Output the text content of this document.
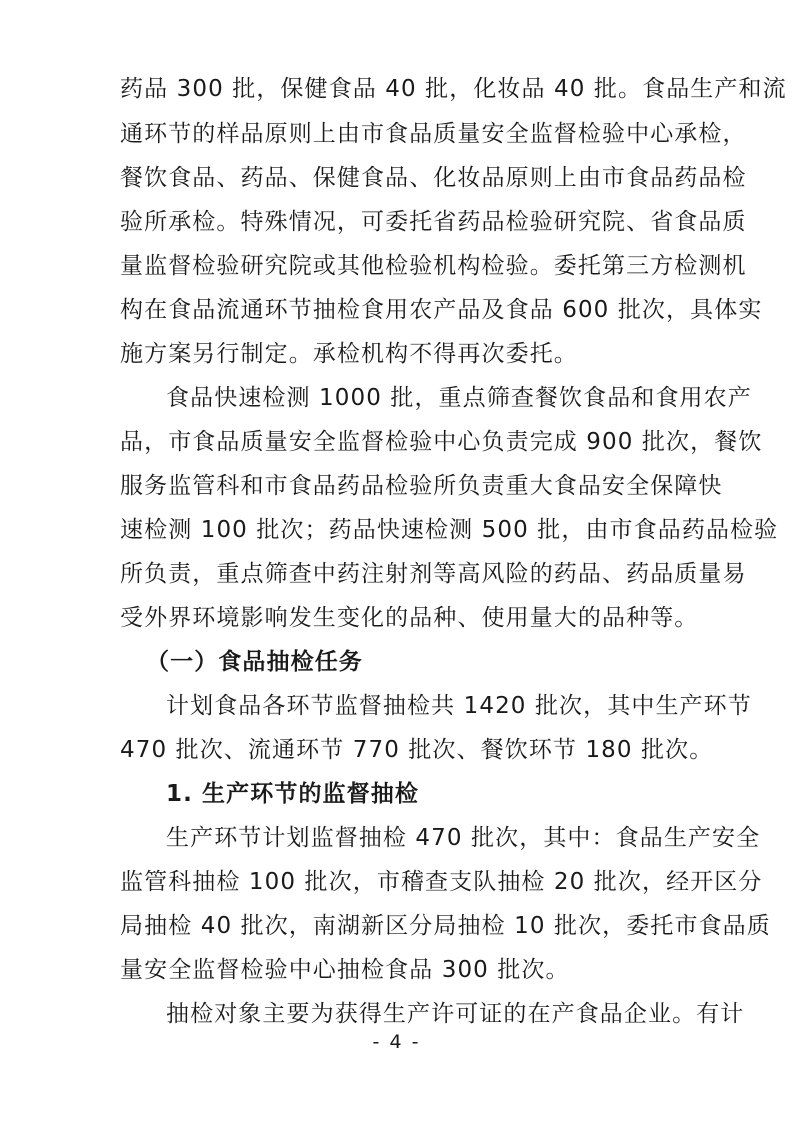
药品 300 批，保健食品 40 批，化妆品 40 批。食品生产和流
通环节的样品原则上由市食品质量安全监督检验中心承检，
餐饮食品、药品、保健食品、化妆品原则上由市食品药品检
验所承检。特殊情况，可委托省药品检验研究院、省食品质
量监督检验研究院或其他检验机构检验。委托第三方检测机
构在食品流通环节抽检食用农产品及食品 600 批次，具体实
施方案另行制定。承检机构不得再次委托。
食品快速检测 1000 批，重点筛查餐饮食品和食用农产
品，市食品质量安全监督检验中心负责完成 900 批次，餐饮
服务监管科和市食品药品检验所负责重大食品安全保障快
速检测 100 批次；药品快速检测 500 批，由市食品药品检验
所负责，重点筛查中药注射剂等高风险的药品、药品质量易
受外界环境影响发生变化的品种、使用量大的品种等。
（一）食品抽检任务
计划食品各环节监督抽检共 1420 批次，其中生产环节
470 批次、流通环节 770 批次、餐饮环节 180 批次。
1. 生产环节的监督抽检
生产环节计划监督抽检 470 批次，其中：食品生产安全
监管科抽检 100 批次，市稽查支队抽检 20 批次，经开区分
局抽检 40 批次，南湖新区分局抽检 10 批次，委托市食品质
量安全监督检验中心抽检食品 300 批次。
抽检对象主要为获得生产许可证的在产食品企业。有计
- 4 -
